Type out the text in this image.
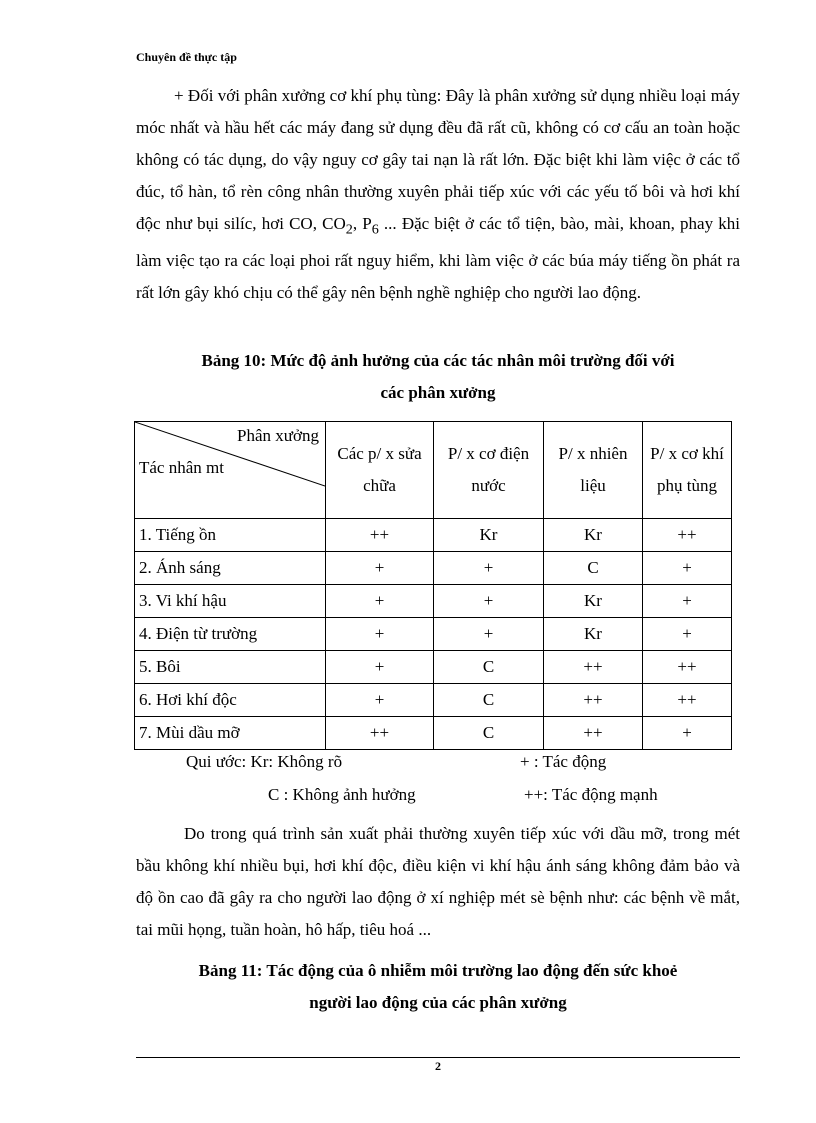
Chuyên đề thực tập
+ Đối với phân xưởng cơ khí phụ tùng: Đây là phân xưởng sử dụng nhiều loại máy móc nhất và hầu hết các máy đang sử dụng đều đã rất cũ, không có cơ cấu an toàn hoặc không có tác dụng, do vậy nguy cơ gây tai nạn là rất lớn. Đặc biệt khi làm việc ở các tổ đúc, tổ hàn, tổ rèn công nhân thường xuyên phải tiếp xúc với các yếu tố bôi và hơi khí độc như bụi silíc, hơi CO, $CO_2$, $P_6$ ... Đặc biệt ở các tổ tiện, bào, mài, khoan, phay khi làm việc tạo ra các loại phoi rất nguy hiểm, khi làm việc ở các búa máy tiếng ồn phát ra rất lớn gây khó chịu có thể gây nên bệnh nghề nghiệp cho người lao động.
Bảng 10: Mức độ ảnh hưởng của các tác nhân môi trường đối với
các phân xưởng
Phân xưởng
Tác nhân mt	Các p/ x sửa chữa	P/ x cơ điện nước	P/ x nhiên liệu	P/ x cơ khí phụ tùng
1. Tiếng ồn	++	Kr	Kr	++
2. Ánh sáng	+	+	C	+
3. Vi khí hậu	+	+	Kr	+
4. Điện từ trường	+	+	Kr	+
5. Bôi	+	C	++	++
6. Hơi khí độc	+	C	++	++
7. Mùi dầu mỡ	++	C	++	+
Qui ước: Kr: Không rõ	+ : Tác động
C : Không ảnh hưởng	++: Tác động mạnh
Do trong quá trình sản xuất phải thường xuyên tiếp xúc với dầu mỡ, trong mét bầu không khí nhiều bụi, hơi khí độc, điều kiện vi khí hậu ánh sáng không đảm bảo và độ ồn cao đã gây ra cho người lao động ở xí nghiệp mét sè bệnh như: các bệnh về mắt, tai mũi họng, tuần hoàn, hô hấp, tiêu hoá ...
Bảng 11: Tác động của ô nhiễm môi trường lao động đến sức khoẻ
người lao động của các phân xưởng
2
